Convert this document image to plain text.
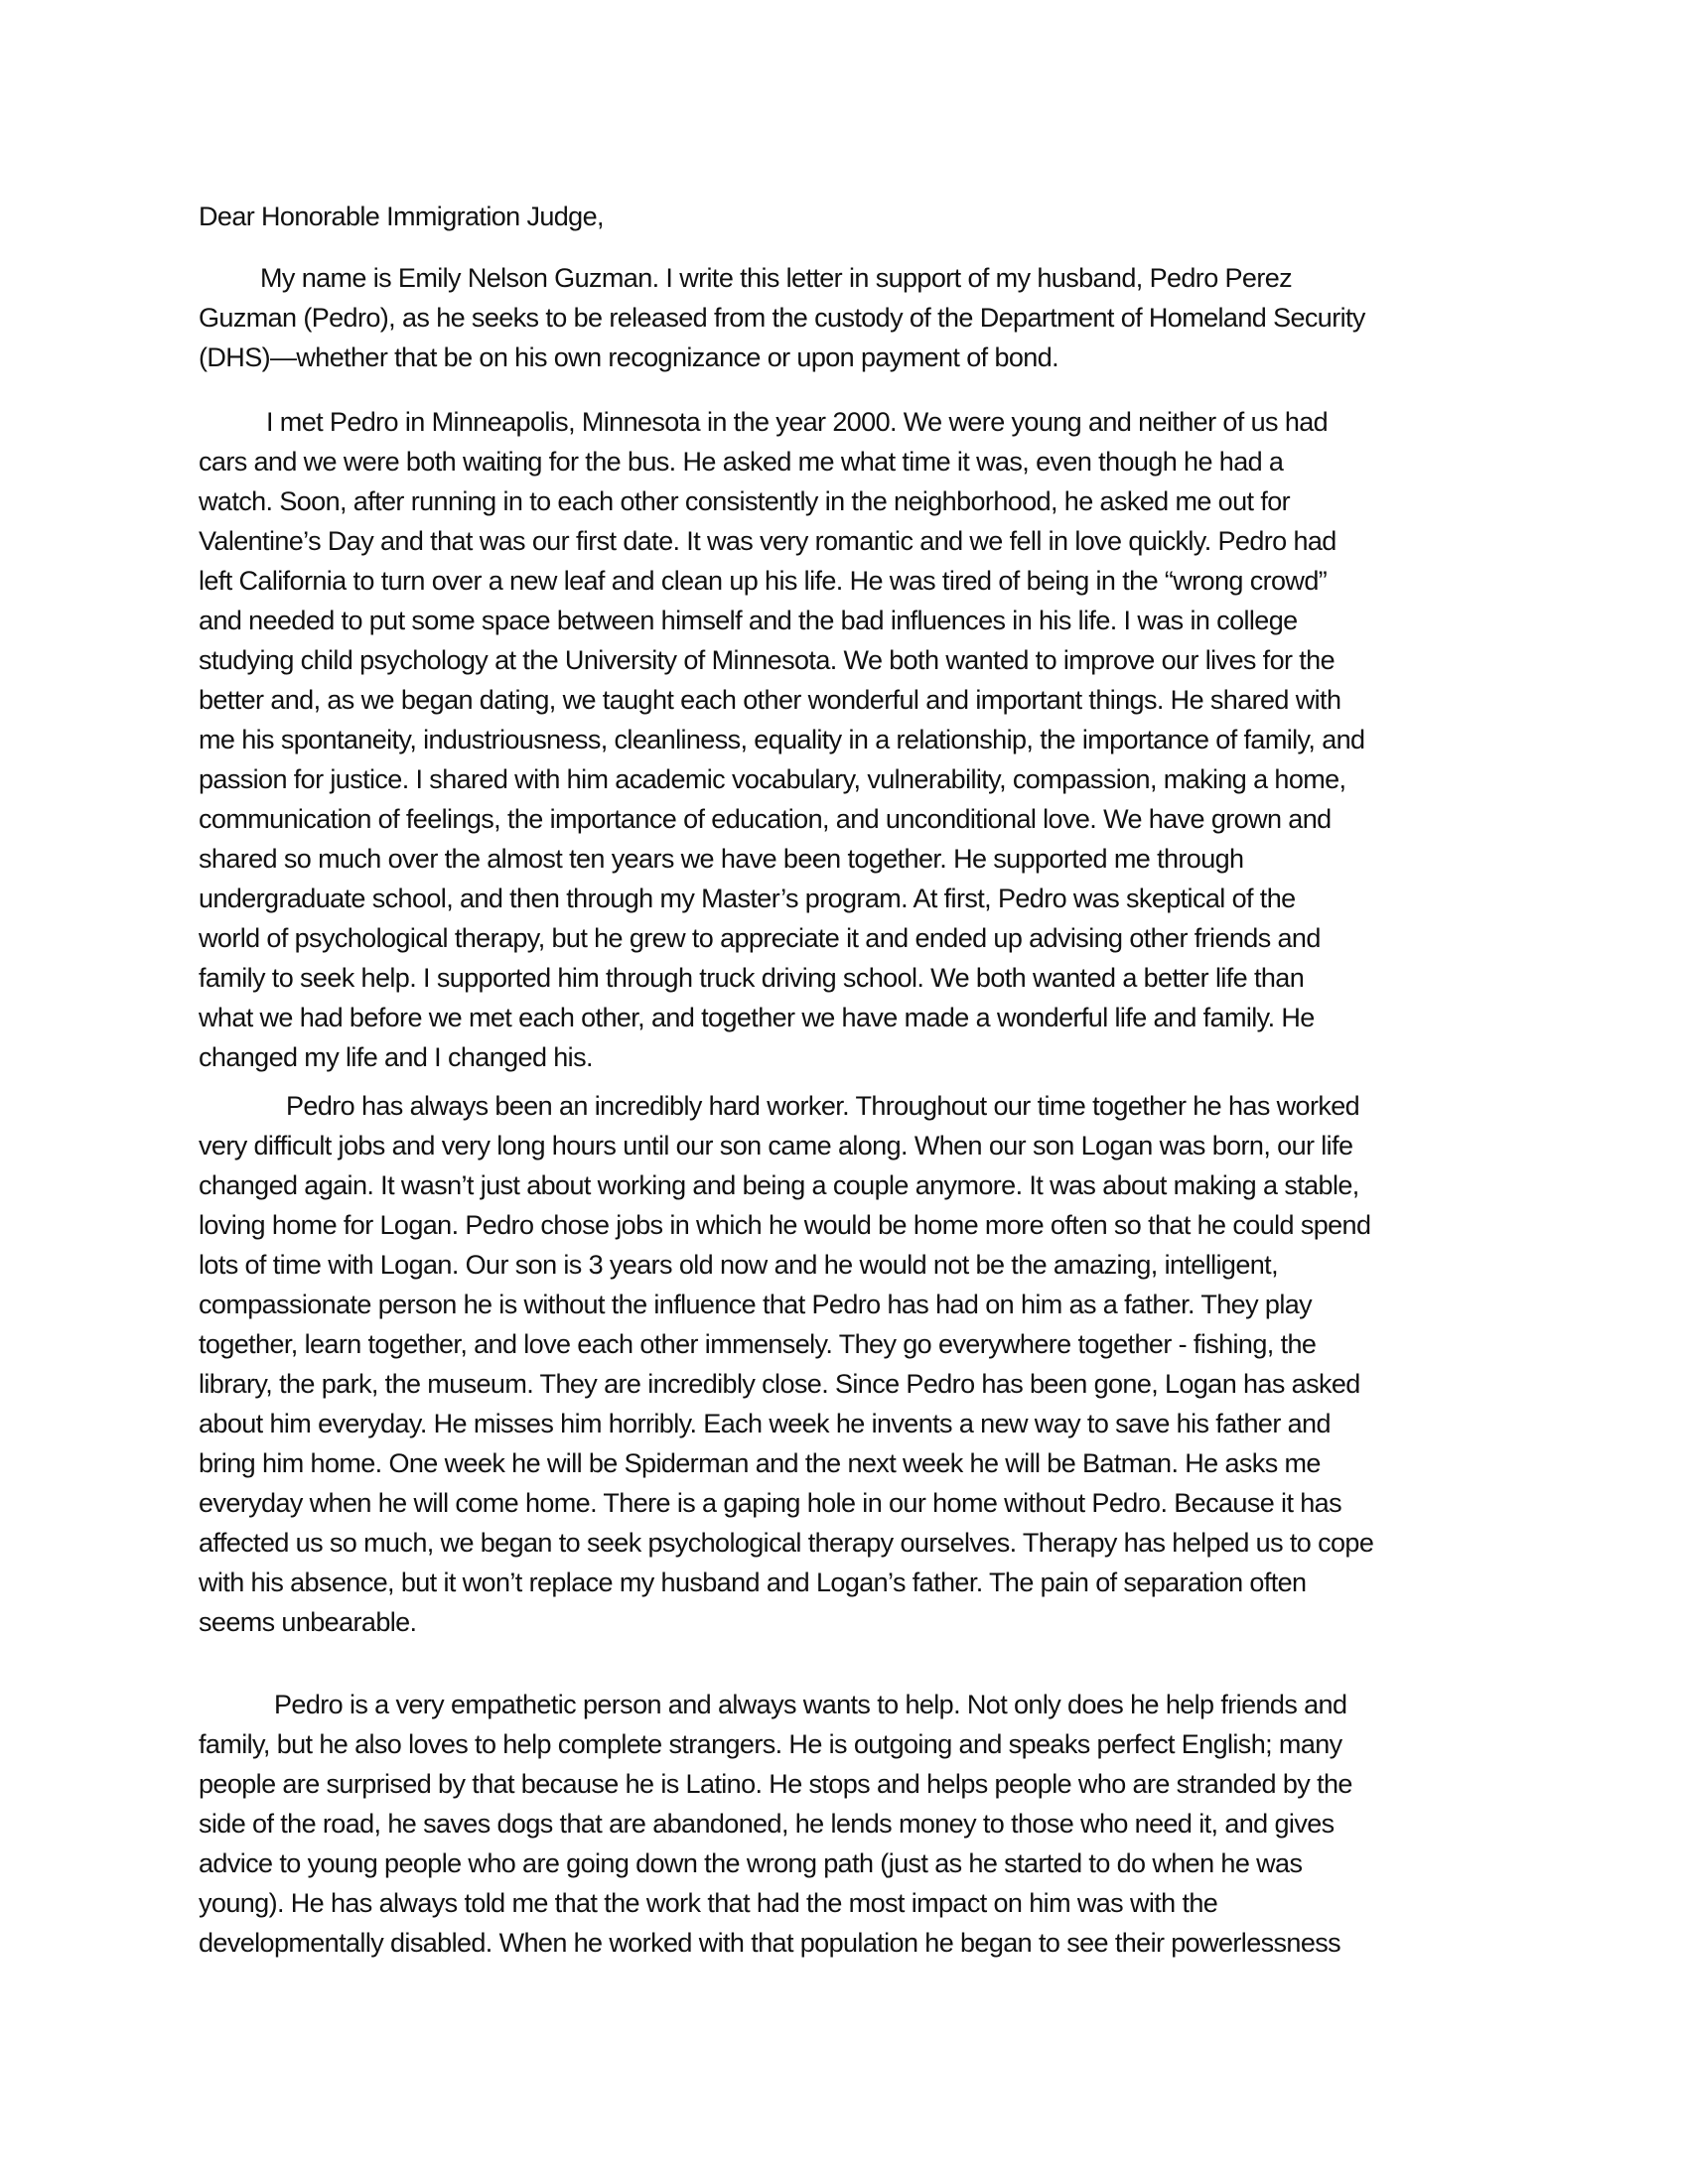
Dear Honorable Immigration Judge,
My name is Emily Nelson Guzman. I write this letter in support of my husband, Pedro Perez
Guzman (Pedro), as he seeks to be released from the custody of the Department of Homeland Security
(DHS)—whether that be on his own recognizance or upon payment of bond.
I met Pedro in Minneapolis, Minnesota in the year 2000. We were young and neither of us had
cars and we were both waiting for the bus. He asked me what time it was, even though he had a
watch. Soon, after running in to each other consistently in the neighborhood, he asked me out for
Valentine’s Day and that was our first date. It was very romantic and we fell in love quickly. Pedro had
left California to turn over a new leaf and clean up his life. He was tired of being in the “wrong crowd”
and needed to put some space between himself and the bad influences in his life. I was in college
studying child psychology at the University of Minnesota. We both wanted to improve our lives for the
better and, as we began dating, we taught each other wonderful and important things. He shared with
me his spontaneity, industriousness, cleanliness, equality in a relationship, the importance of family, and
passion for justice. I shared with him academic vocabulary, vulnerability, compassion, making a home,
communication of feelings, the importance of education, and unconditional love. We have grown and
shared so much over the almost ten years we have been together. He supported me through
undergraduate school, and then through my Master’s program. At first, Pedro was skeptical of the
world of psychological therapy, but he grew to appreciate it and ended up advising other friends and
family to seek help. I supported him through truck driving school. We both wanted a better life than
what we had before we met each other, and together we have made a wonderful life and family. He
changed my life and I changed his.
Pedro has always been an incredibly hard worker. Throughout our time together he has worked
very difficult jobs and very long hours until our son came along. When our son Logan was born, our life
changed again. It wasn’t just about working and being a couple anymore. It was about making a stable,
loving home for Logan. Pedro chose jobs in which he would be home more often so that he could spend
lots of time with Logan. Our son is 3 years old now and he would not be the amazing, intelligent,
compassionate person he is without the influence that Pedro has had on him as a father. They play
together, learn together, and love each other immensely. They go everywhere together - fishing, the
library, the park, the museum. They are incredibly close. Since Pedro has been gone, Logan has asked
about him everyday. He misses him horribly. Each week he invents a new way to save his father and
bring him home. One week he will be Spiderman and the next week he will be Batman. He asks me
everyday when he will come home. There is a gaping hole in our home without Pedro. Because it has
affected us so much, we began to seek psychological therapy ourselves. Therapy has helped us to cope
with his absence, but it won’t replace my husband and Logan’s father. The pain of separation often
seems unbearable.
Pedro is a very empathetic person and always wants to help. Not only does he help friends and
family, but he also loves to help complete strangers. He is outgoing and speaks perfect English; many
people are surprised by that because he is Latino. He stops and helps people who are stranded by the
side of the road, he saves dogs that are abandoned, he lends money to those who need it, and gives
advice to young people who are going down the wrong path (just as he started to do when he was
young). He has always told me that the work that had the most impact on him was with the
developmentally disabled. When he worked with that population he began to see their powerlessness
